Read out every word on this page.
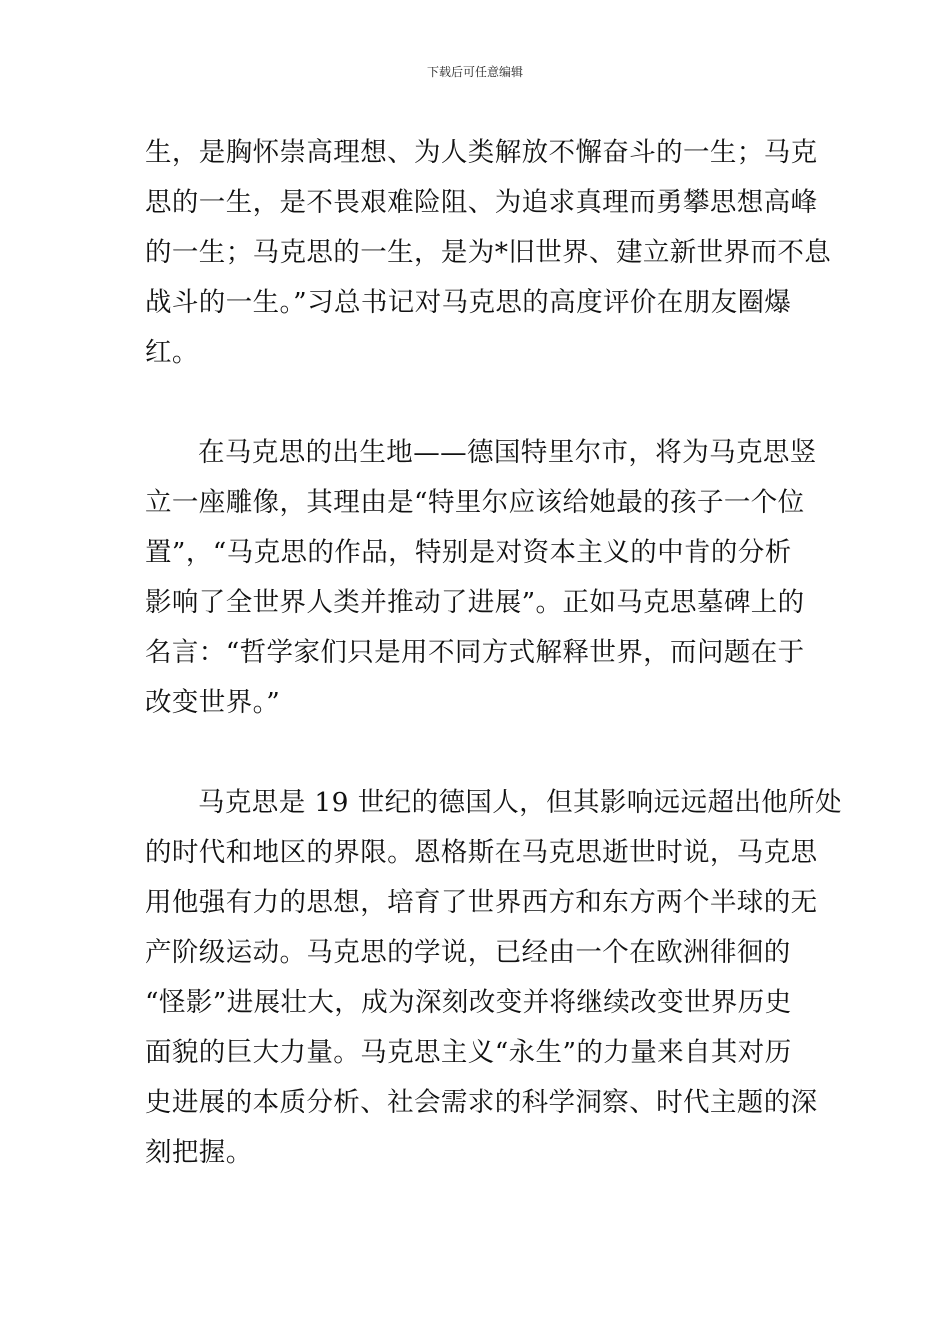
下载后可任意编辑
生，是胸怀崇高理想、为人类解放不懈奋斗的一生；马克
思的一生，是不畏艰难险阻、为追求真理而勇攀思想高峰
的一生；马克思的一生，是为*旧世界、建立新世界而不息
战斗的一生。”习总书记对马克思的高度评价在朋友圈爆
红。
在马克思的出生地——德国特里尔市，将为马克思竖
立一座雕像，其理由是“特里尔应该给她最的孩子一个位
置”，“马克思的作品，特别是对资本主义的中肯的分析
影响了全世界人类并推动了进展”。正如马克思墓碑上的
名言：“哲学家们只是用不同方式解释世界，而问题在于
改变世界。”
马克思是 19 世纪的德国人，但其影响远远超出他所处
的时代和地区的界限。恩格斯在马克思逝世时说，马克思
用他强有力的思想，培育了世界西方和东方两个半球的无
产阶级运动。马克思的学说，已经由一个在欧洲徘徊的
“怪影”进展壮大，成为深刻改变并将继续改变世界历史
面貌的巨大力量。马克思主义“永生”的力量来自其对历
史进展的本质分析、社会需求的科学洞察、时代主题的深
刻把握。
